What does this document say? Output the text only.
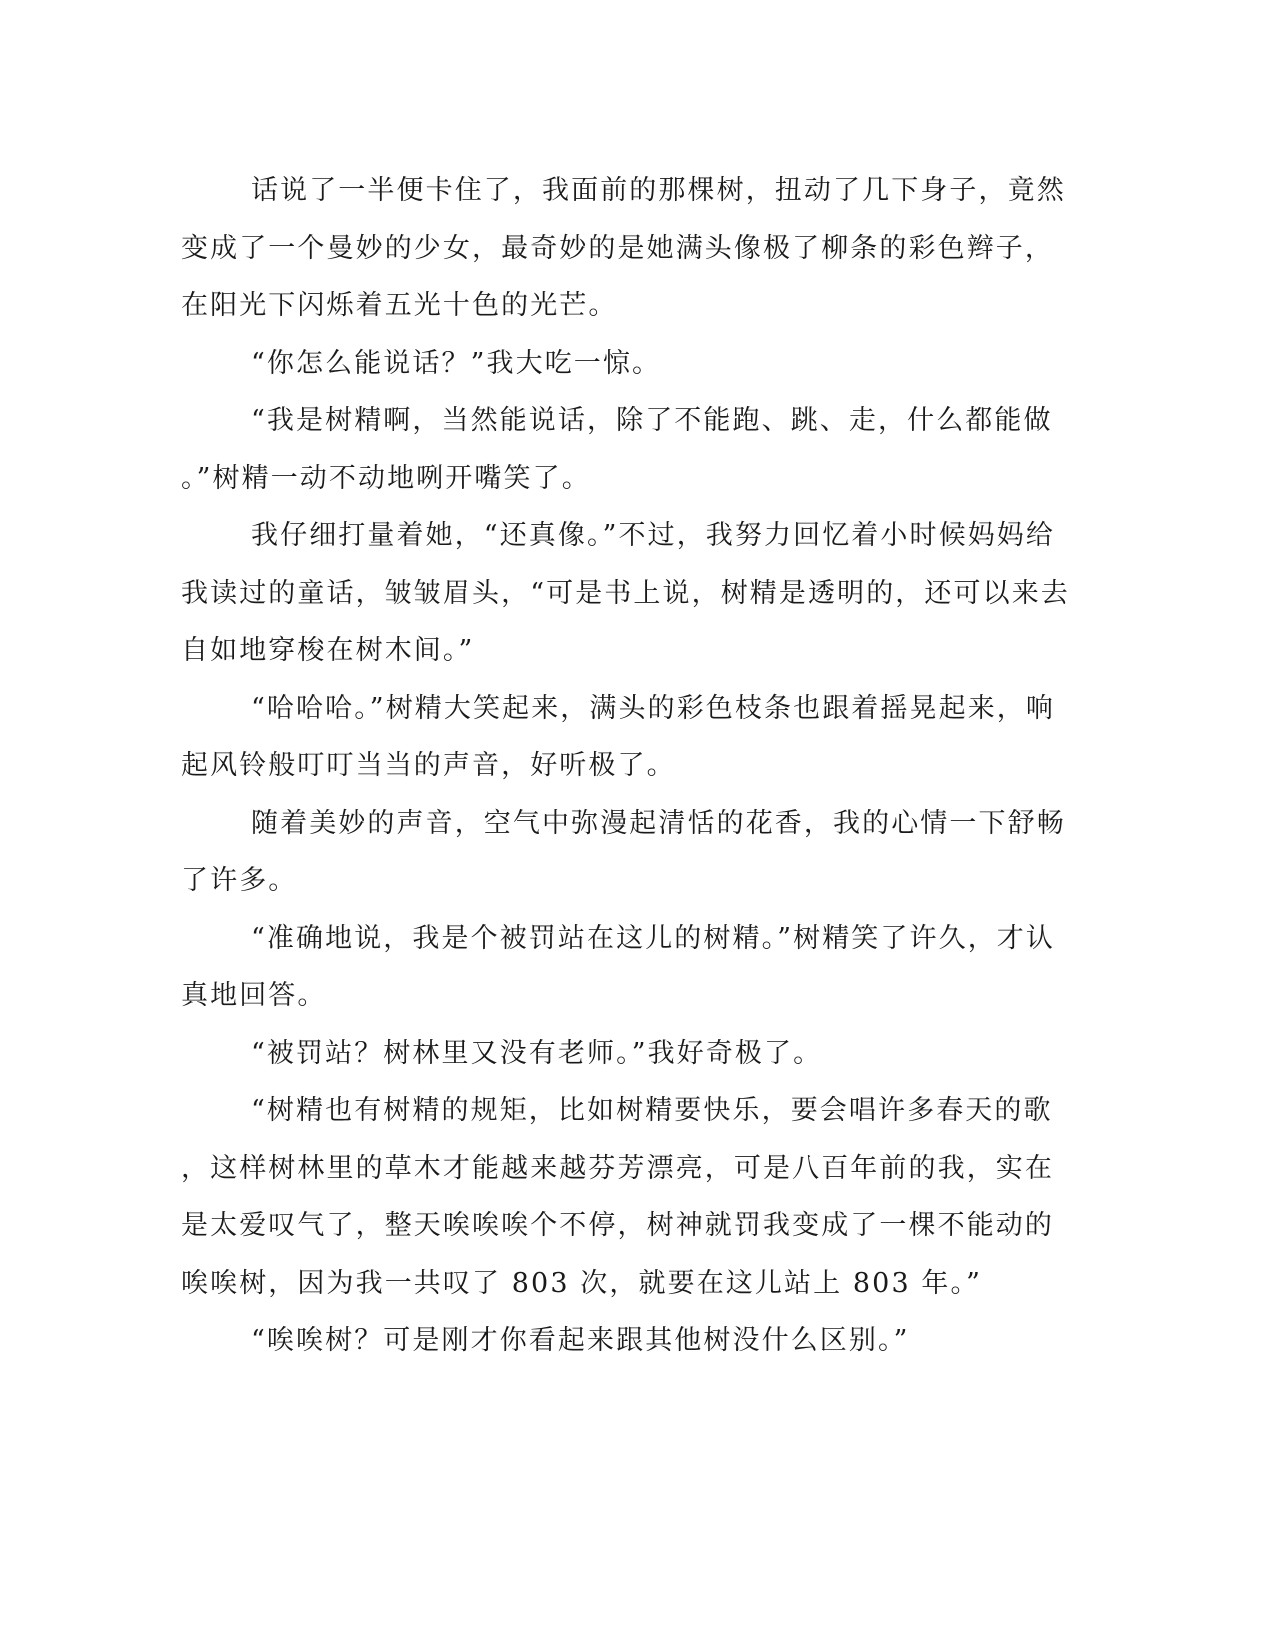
话说了一半便卡住了，我面前的那棵树，扭动了几下身子，竟然
变成了一个曼妙的少女，最奇妙的是她满头像极了柳条的彩色辫子，
在阳光下闪烁着五光十色的光芒。
“你怎么能说话？”我大吃一惊。
“我是树精啊，当然能说话，除了不能跑、跳、走，什么都能做
。”树精一动不动地咧开嘴笑了。
我仔细打量着她，“还真像。”不过，我努力回忆着小时候妈妈给
我读过的童话，皱皱眉头，“可是书上说，树精是透明的，还可以来去
自如地穿梭在树木间。”
“哈哈哈。”树精大笑起来，满头的彩色枝条也跟着摇晃起来，响
起风铃般叮叮当当的声音，好听极了。
随着美妙的声音，空气中弥漫起清恬的花香，我的心情一下舒畅
了许多。
“准确地说，我是个被罚站在这儿的树精。”树精笑了许久，才认
真地回答。
“被罚站？树林里又没有老师。”我好奇极了。
“树精也有树精的规矩，比如树精要快乐，要会唱许多春天的歌
，这样树林里的草木才能越来越芬芳漂亮，可是八百年前的我，实在
是太爱叹气了，整天唉唉唉个不停，树神就罚我变成了一棵不能动的
唉唉树，因为我一共叹了 803 次，就要在这儿站上 803 年。”
“唉唉树？可是刚才你看起来跟其他树没什么区别。”
